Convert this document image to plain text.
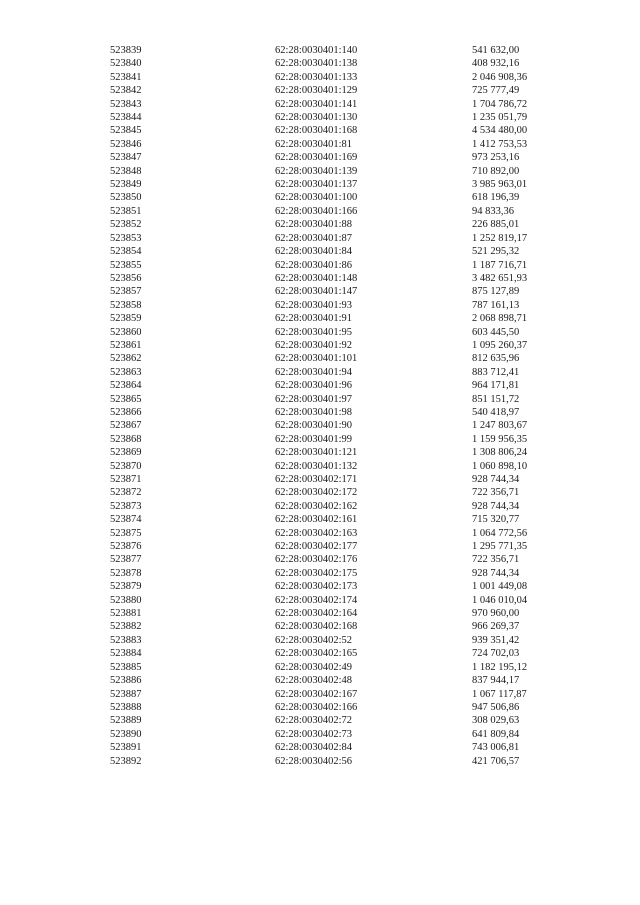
523839	62:28:0030401:140	541 632,00
523840	62:28:0030401:138	408 932,16
523841	62:28:0030401:133	2 046 908,36
523842	62:28:0030401:129	725 777,49
523843	62:28:0030401:141	1 704 786,72
523844	62:28:0030401:130	1 235 051,79
523845	62:28:0030401:168	4 534 480,00
523846	62:28:0030401:81	1 412 753,53
523847	62:28:0030401:169	973 253,16
523848	62:28:0030401:139	710 892,00
523849	62:28:0030401:137	3 985 963,01
523850	62:28:0030401:100	618 196,39
523851	62:28:0030401:166	94 833,36
523852	62:28:0030401:88	226 885,01
523853	62:28:0030401:87	1 252 819,17
523854	62:28:0030401:84	521 295,32
523855	62:28:0030401:86	1 187 716,71
523856	62:28:0030401:148	3 482 651,93
523857	62:28:0030401:147	875 127,89
523858	62:28:0030401:93	787 161,13
523859	62:28:0030401:91	2 068 898,71
523860	62:28:0030401:95	603 445,50
523861	62:28:0030401:92	1 095 260,37
523862	62:28:0030401:101	812 635,96
523863	62:28:0030401:94	883 712,41
523864	62:28:0030401:96	964 171,81
523865	62:28:0030401:97	851 151,72
523866	62:28:0030401:98	540 418,97
523867	62:28:0030401:90	1 247 803,67
523868	62:28:0030401:99	1 159 956,35
523869	62:28:0030401:121	1 308 806,24
523870	62:28:0030401:132	1 060 898,10
523871	62:28:0030402:171	928 744,34
523872	62:28:0030402:172	722 356,71
523873	62:28:0030402:162	928 744,34
523874	62:28:0030402:161	715 320,77
523875	62:28:0030402:163	1 064 772,56
523876	62:28:0030402:177	1 295 771,35
523877	62:28:0030402:176	722 356,71
523878	62:28:0030402:175	928 744,34
523879	62:28:0030402:173	1 001 449,08
523880	62:28:0030402:174	1 046 010,04
523881	62:28:0030402:164	970 960,00
523882	62:28:0030402:168	966 269,37
523883	62:28:0030402:52	939 351,42
523884	62:28:0030402:165	724 702,03
523885	62:28:0030402:49	1 182 195,12
523886	62:28:0030402:48	837 944,17
523887	62:28:0030402:167	1 067 117,87
523888	62:28:0030402:166	947 506,86
523889	62:28:0030402:72	308 029,63
523890	62:28:0030402:73	641 809,84
523891	62:28:0030402:84	743 006,81
523892	62:28:0030402:56	421 706,57
